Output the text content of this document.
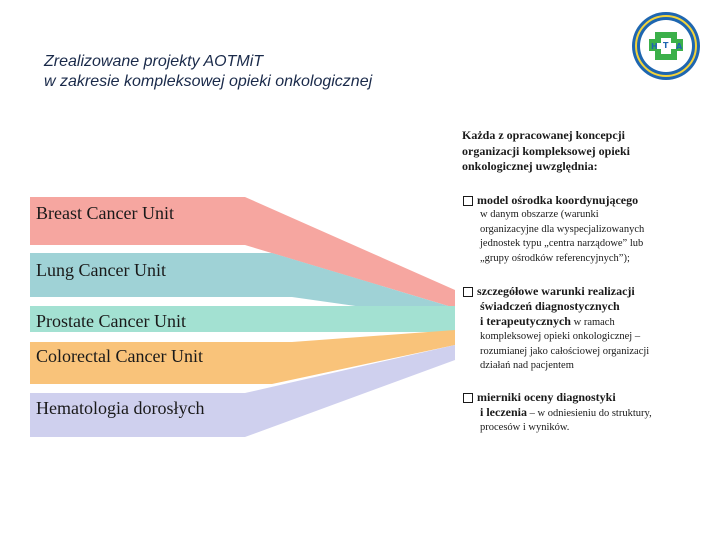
Zrealizowane projekty AOTMiT
w zakresie kompleksowej opieki onkologicznej
H T A
Breast Cancer Unit
Lung Cancer Unit
Prostate Cancer Unit
Colorectal Cancer Unit
Hematologia dorosłych
Każda z opracowanej koncepcji
organizacji kompleksowej opieki
onkologicznej uwzględnia:
model ośrodka koordynującego
w danym obszarze (warunki
organizacyjne dla wyspecjalizowanych
jednostek typu „centra narządowe” lub
„grupy ośrodków referencyjnych”);
szczegółowe warunki realizacji
świadczeń diagnostycznych
i terapeutycznych w ramach
kompleksowej opieki onkologicznej –
rozumianej jako całościowej organizacji
działań nad pacjentem
mierniki oceny diagnostyki
i leczenia – w odniesieniu do struktury,
procesów i wyników.
